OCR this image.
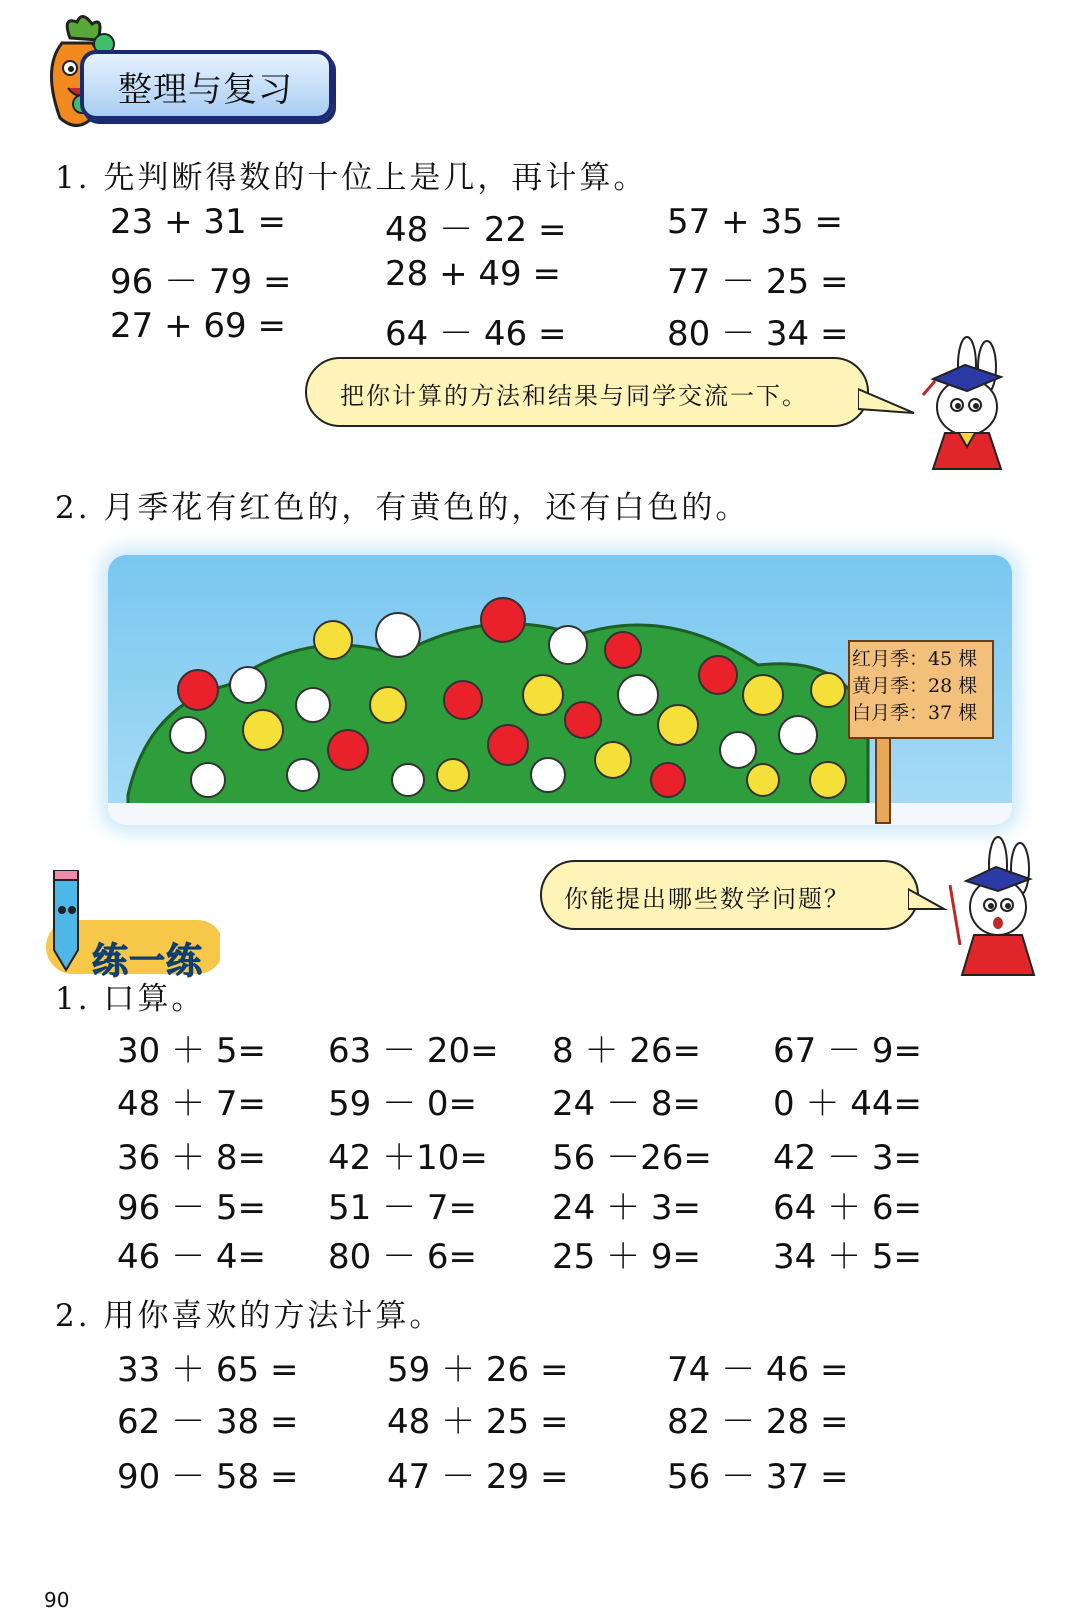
整理与复习
1. 先判断得数的十位上是几，再计算。
23 + 31 =	48 － 22 =	57 + 35 =
96 － 79 =	28 + 49 =	77 － 25 =
27 + 69 =	64 － 46 =	80 － 34 =
把你计算的方法和结果与同学交流一下。
2. 月季花有红色的，有黄色的，还有白色的。
红月季：45 棵
黄月季：28 棵
白月季：37 棵
你能提出哪些数学问题？
练一练
1. 口算。
30 ＋ 5= 63 － 20= 8 ＋ 26= 67 － 9=
48 ＋ 7= 59 － 0= 24 － 8= 0 ＋ 44=
36 ＋ 8= 42 ＋10= 56 －26= 42 － 3=
96 － 5= 51 － 7= 24 ＋ 3= 64 ＋ 6=
46 － 4= 80 － 6= 25 ＋ 9= 34 ＋ 5=
2. 用你喜欢的方法计算。
33 ＋ 65 =	59 ＋ 26 =	74 － 46 =
62 － 38 =	48 ＋ 25 =	82 － 28 =
90 － 58 =	47 － 29 =	56 － 37 =
90
